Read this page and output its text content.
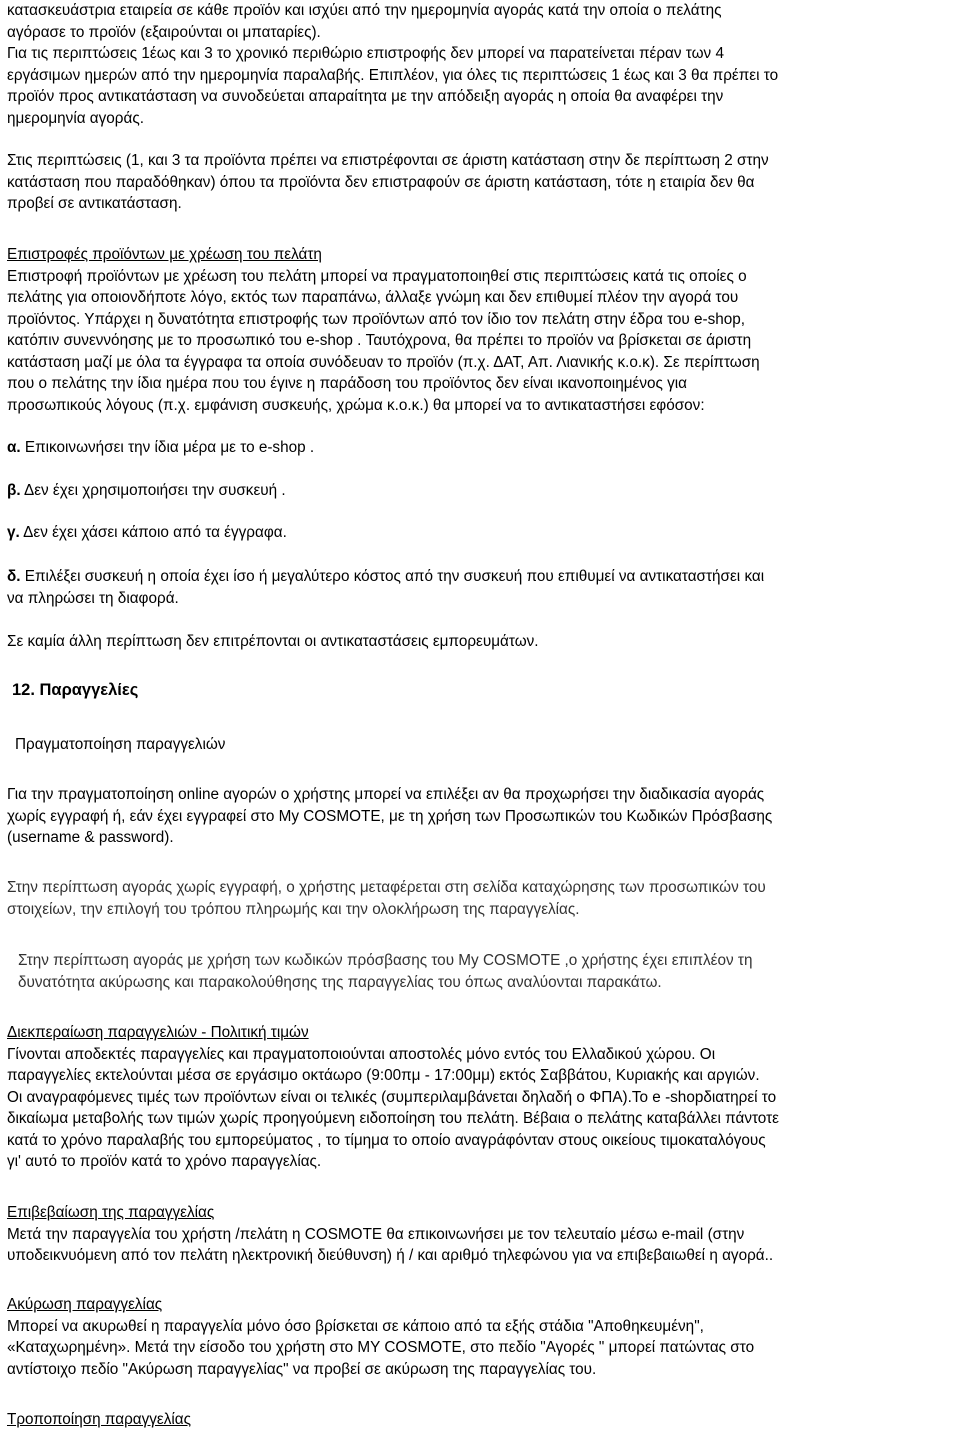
κατασκευάστρια εταιρεία σε κάθε προϊόν και ισχύει από την ημερομηνία αγοράς κατά την οποία ο πελάτης
αγόρασε το προϊόν (εξαιρούνται οι μπαταρίες).
Για τις περιπτώσεις 1έως και 3 το χρονικό περιθώριο επιστροφής δεν μπορεί να παρατείνεται πέραν των 4
εργάσιμων ημερών από την ημερομηνία παραλαβής. Επιπλέον, για όλες τις περιπτώσεις 1 έως και 3 θα πρέπει το
προϊόν προς αντικατάσταση να συνοδεύεται απαραίτητα με την απόδειξη αγοράς η οποία θα αναφέρει την
ημερομηνία αγοράς.
Στις περιπτώσεις (1, και 3 τα προϊόντα πρέπει να επιστρέφονται σε άριστη κατάσταση στην δε περίπτωση 2 στην
κατάσταση που παραδόθηκαν) όπου τα προϊόντα δεν επιστραφούν σε άριστη κατάσταση, τότε η εταιρία δεν θα
προβεί σε αντικατάσταση.
Επιστροφές προϊόντων με χρέωση του πελάτη
Επιστροφή προϊόντων με χρέωση του πελάτη μπορεί να πραγματοποιηθεί στις περιπτώσεις κατά τις οποίες ο
πελάτης για οποιονδήποτε λόγο, εκτός των παραπάνω, άλλαξε γνώμη και δεν επιθυμεί πλέον την αγορά του
προϊόντος. Υπάρχει η δυνατότητα επιστροφής των προϊόντων από τον ίδιο τον πελάτη στην έδρα του e-shop,
κατόπιν συνεννόησης με το προσωπικό του e-shop . Ταυτόχρονα, θα πρέπει το προϊόν να βρίσκεται σε άριστη
κατάσταση μαζί με όλα τα έγγραφα τα οποία συνόδευαν το προϊόν (π.χ. ΔΑΤ, Απ. Λιανικής κ.ο.κ). Σε περίπτωση
που ο πελάτης την ίδια ημέρα που του έγινε η παράδοση του προϊόντος δεν είναι ικανοποιημένος για
προσωπικούς λόγους (π.χ. εμφάνιση συσκευής, χρώμα κ.ο.κ.) θα μπορεί να το αντικαταστήσει εφόσον:
α. Επικοινωνήσει την ίδια μέρα με το e-shop .
β. Δεν έχει χρησιμοποιήσει την συσκευή .
γ. Δεν έχει χάσει κάποιο από τα έγγραφα.
δ. Επιλέξει συσκευή η οποία έχει ίσο ή μεγαλύτερο κόστος από την συσκευή που επιθυμεί να αντικαταστήσει και
να πληρώσει τη διαφορά.
Σε καμία άλλη περίπτωση δεν επιτρέπονται οι αντικαταστάσεις εμπορευμάτων.
12. Παραγγελίες
Πραγματοποίηση παραγγελιών
Για την πραγματοποίηση online αγορών ο χρήστης μπορεί να επιλέξει αν θα προχωρήσει την διαδικασία αγοράς
χωρίς εγγραφή ή, εάν έχει εγγραφεί στο My COSMOTE, με τη χρήση των Προσωπικών του Κωδικών Πρόσβασης
(username & password).
Στην περίπτωση αγοράς χωρίς εγγραφή, ο χρήστης μεταφέρεται στη σελίδα καταχώρησης των προσωπικών του
στοιχείων, την επιλογή του τρόπου πληρωμής και την ολοκλήρωση της παραγγελίας.
Στην περίπτωση αγοράς με χρήση των κωδικών πρόσβασης του My COSMOTE ,ο χρήστης έχει επιπλέον τη
δυνατότητα ακύρωσης και παρακολούθησης της παραγγελίας του όπως αναλύονται παρακάτω.
Διεκπεραίωση παραγγελιών - Πολιτική τιμών
Γίνονται αποδεκτές παραγγελίες και πραγματοποιούνται αποστολές μόνο εντός του Ελλαδικού χώρου. Οι
παραγγελίες εκτελούνται μέσα σε εργάσιμο οκτάωρο (9:00πμ - 17:00μμ) εκτός Σαββάτου, Κυριακής και αργιών.
Οι αναγραφόμενες τιμές των προϊόντων είναι οι τελικές (συμπεριλαμβάνεται δηλαδή ο ΦΠΑ).Το e -shopδιατηρεί το
δικαίωμα μεταβολής των τιμών χωρίς προηγούμενη ειδοποίηση του πελάτη. Βέβαια ο πελάτης καταβάλλει πάντοτε
κατά το χρόνο παραλαβής του εμπορεύματος , το τίμημα το οποίο αναγράφόνταν στους οικείους τιμοκαταλόγους
γι' αυτό το προϊόν κατά το χρόνο παραγγελίας.
Επιβεβαίωση της παραγγελίας
Μετά την παραγγελία του χρήστη /πελάτη η COSMOTE θα επικοινωνήσει με τον τελευταίο μέσω e-mail (στην
υποδεικνυόμενη από τον πελάτη ηλεκτρονική διεύθυνση) ή / και αριθμό τηλεφώνου για να επιβεβαιωθεί η αγορά..
Ακύρωση παραγγελίας
Μπορεί να ακυρωθεί η παραγγελία μόνο όσο βρίσκεται σε κάποιο από τα εξής στάδια "Αποθηκευμένη",
«Καταχωρημένη». Μετά την είσοδο του χρήστη στο MY COSMOTE, στο πεδίο "Αγορές " μπορεί πατώντας στο
αντίστοιχο πεδίο "Ακύρωση παραγγελίας" να προβεί σε ακύρωση της παραγγελίας του.
Τροποποίηση παραγγελίας
